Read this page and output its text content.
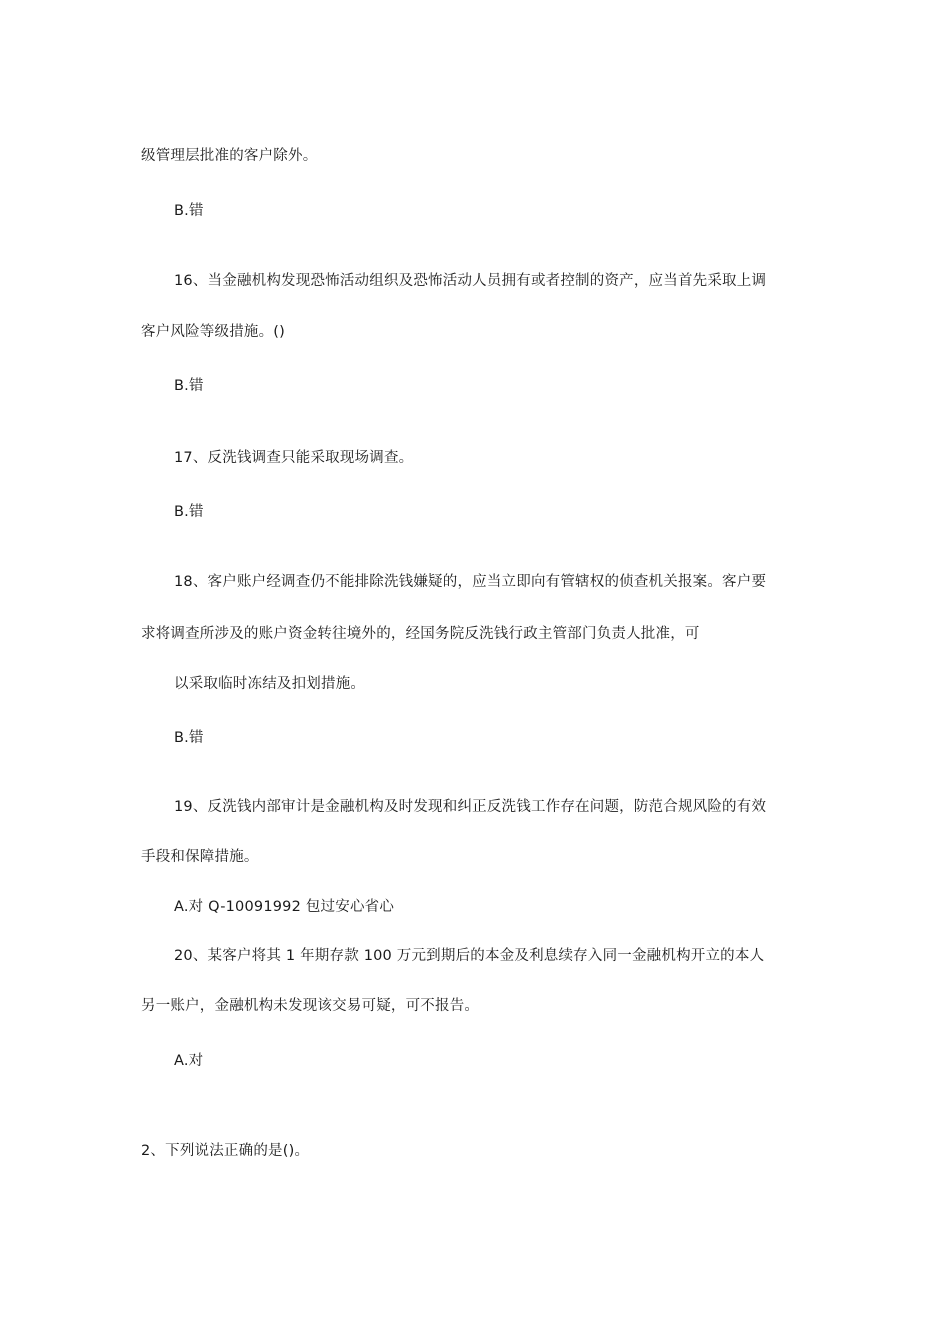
级管理层批准的客户除外。
B.错
16、当金融机构发现恐怖活动组织及恐怖活动人员拥有或者控制的资产，应当首先采取上调
客户风险等级措施。()
B.错
17、反洗钱调查只能采取现场调查。
B.错
18、客户账户经调查仍不能排除洗钱嫌疑的，应当立即向有管辖权的侦查机关报案。客户要
求将调查所涉及的账户资金转往境外的，经国务院反洗钱行政主管部门负责人批准，可
以采取临时冻结及扣划措施。
B.错
19、反洗钱内部审计是金融机构及时发现和纠正反洗钱工作存在问题，防范合规风险的有效
手段和保障措施。
A.对 Q-10091992 包过安心省心
20、某客户将其 1 年期存款 100 万元到期后的本金及利息续存入同一金融机构开立的本人
另一账户，金融机构未发现该交易可疑，可不报告。
A.对
2、下列说法正确的是()。
